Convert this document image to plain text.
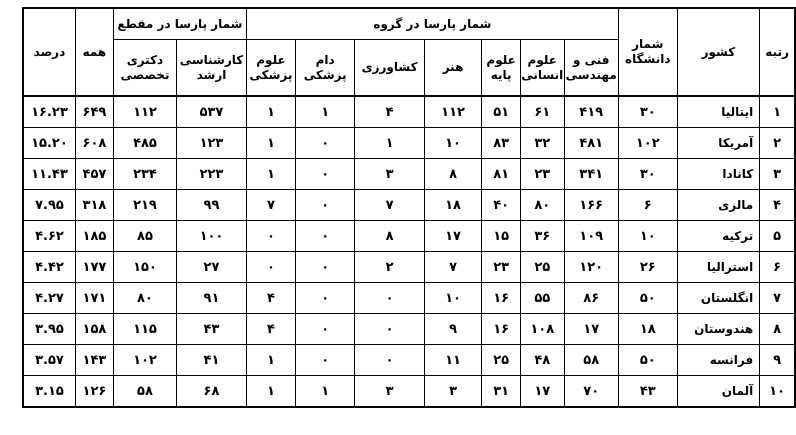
رتبه	کشور	شمار دانشگاه	شمار پارسا در گروه							شمار پارسا در مقطع		همه	درصد
			فنی و مهندسی	علوم انسانی	علوم پایه	هنر	کشاورزی	دام پزشکی	علوم پزشکی	کارشناسی ارشد	دکتری تخصصی		
۱	ایتالیا	۳۰	۴۱۹	۶۱	۵۱	۱۱۲	۴	۱	۱	۵۳۷	۱۱۲	۶۴۹	۱۶.۲۳
۲	آمریکا	۱۰۲	۴۸۱	۳۲	۸۳	۱۰	۱	۰	۱	۱۲۳	۴۸۵	۶۰۸	۱۵.۲۰
۳	کانادا	۳۰	۳۴۱	۲۳	۸۱	۸	۳	۰	۱	۲۲۳	۲۳۴	۴۵۷	۱۱.۴۳
۴	مالزی	۶	۱۶۶	۸۰	۴۰	۱۸	۷	۰	۷	۹۹	۲۱۹	۳۱۸	۷.۹۵
۵	ترکیه	۱۰	۱۰۹	۳۶	۱۵	۱۷	۸	۰	۰	۱۰۰	۸۵	۱۸۵	۴.۶۲
۶	استرالیا	۲۶	۱۲۰	۲۵	۲۳	۷	۲	۰	۰	۲۷	۱۵۰	۱۷۷	۴.۴۲
۷	انگلستان	۵۰	۸۶	۵۵	۱۶	۱۰	۰	۰	۴	۹۱	۸۰	۱۷۱	۴.۲۷
۸	هندوستان	۱۸	۱۷	۱۰۸	۱۶	۹	۰	۰	۴	۴۳	۱۱۵	۱۵۸	۳.۹۵
۹	فرانسه	۵۰	۵۸	۴۸	۲۵	۱۱	۰	۰	۱	۴۱	۱۰۲	۱۴۳	۳.۵۷
۱۰	آلمان	۴۳	۷۰	۱۷	۳۱	۳	۳	۱	۱	۶۸	۵۸	۱۲۶	۳.۱۵
